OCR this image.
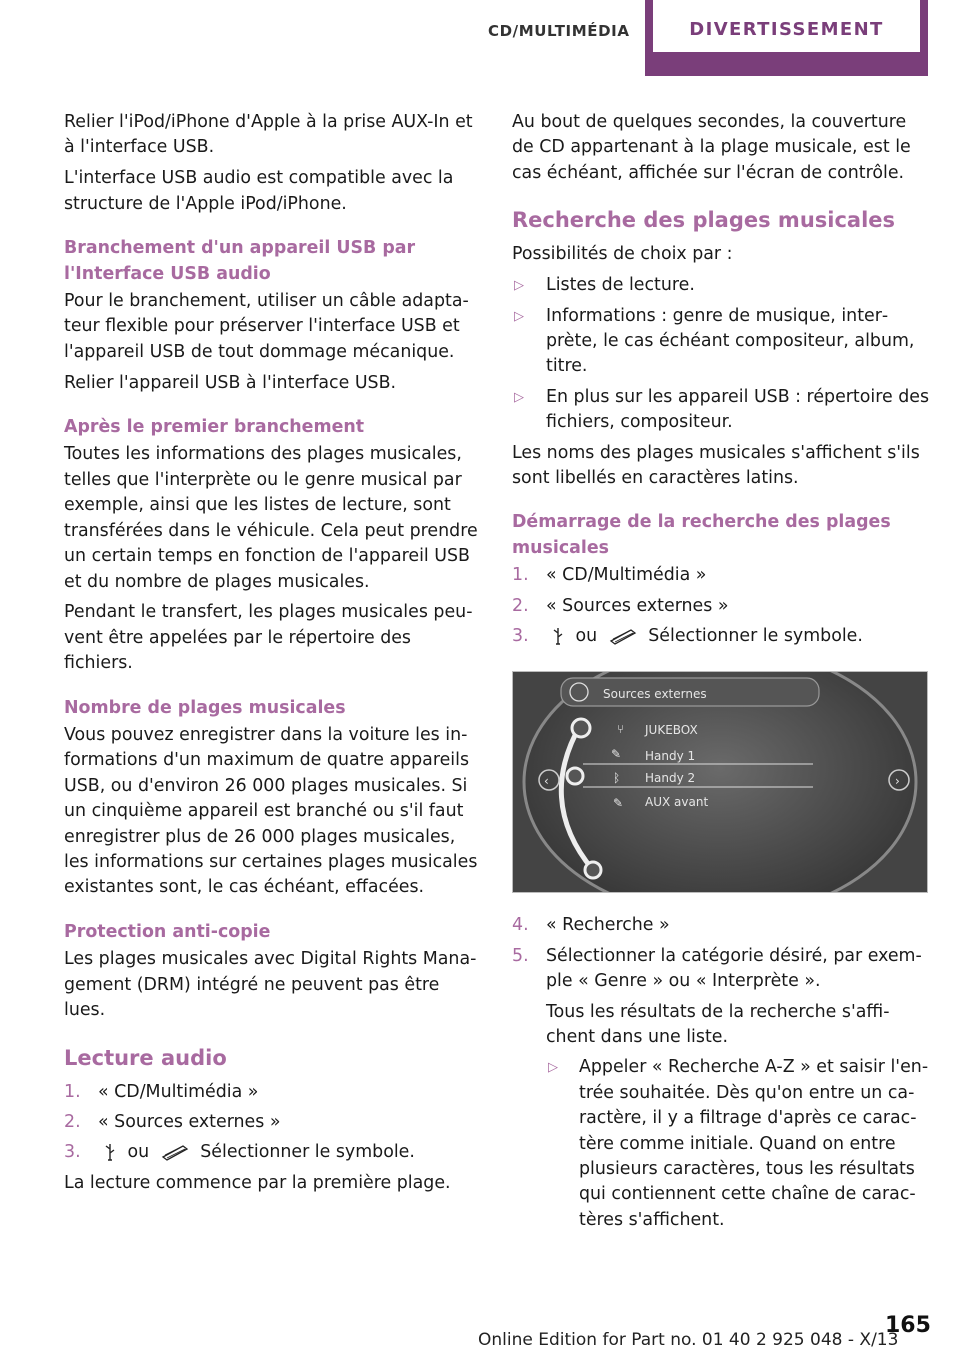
CD/MULTIMÉDIA	DIVERTISSEMENT

Relier l'iPod/iPhone d'Apple à la prise AUX-In et à l'interface USB.

L'interface USB audio est compatible avec la structure de l'Apple iPod/iPhone.

Branchement d'un appareil USB par l'Interface USB audio

Pour le branchement, utiliser un câble adaptateur flexible pour préserver l'interface USB et l'appareil USB de tout dommage mécanique.

Relier l'appareil USB à l'interface USB.

Après le premier branchement

Toutes les informations des plages musicales, telles que l'interprète ou le genre musical par exemple, ainsi que les listes de lecture, sont transférées dans le véhicule. Cela peut prendre un certain temps en fonction de l'appareil USB et du nombre de plages musicales.

Pendant le transfert, les plages musicales peuvent être appelées par le répertoire des fichiers.

Nombre de plages musicales

Vous pouvez enregistrer dans la voiture les informations d'un maximum de quatre appareils USB, ou d'environ 26 000 plages musicales. Si un cinquième appareil est branché ou s'il faut enregistrer plus de 26 000 plages musicales, les informations sur certaines plages musicales existantes sont, le cas échéant, effacées.

Protection anti-copie

Les plages musicales avec Digital Rights Management (DRM) intégré ne peuvent pas être lues.

Lecture audio
1. « CD/Multimédia »
2. « Sources externes »
3.	ou	Sélectionner le symbole.

La lecture commence par la première plage.

Au bout de quelques secondes, la couverture de CD appartenant à la plage musicale, est le cas échéant, affichée sur l'écran de contrôle.

Recherche des plages musicales

Possibilités de choix par :

▷ Listes de lecture.
▷ Informations : genre de musique, interprète, le cas échéant compositeur, album, titre.
▷ En plus sur les appareil USB : répertoire des fichiers, compositeur.

Les noms des plages musicales s'affichent s'ils sont libellés en caractères latins.

Démarrage de la recherche des plages musicales
1. « CD/Multimédia »
2. « Sources externes »
3.	ou	Sélectionner le symbole.
Sources externes
‹	›
⑂ JUKEBOX
✎ Handy 1
ᛒ Handy 2
✎ AUX avant
4. « Recherche »
5. Sélectionner la catégorie désiré, par exemple « Genre » ou « Interprète ».
Tous les résultats de la recherche s'affichent dans une liste.
▷ Appeler « Recherche A-Z » et saisir l'entrée souhaitée. Dès qu'on entre un caractère, il y a filtrage d'après ce caractère comme initiale. Quand on entre plusieurs caractères, tous les résultats qui contiennent cette chaîne de caractères s'affichent.
165
Online Edition for Part no. 01 40 2 925 048 - X/13
